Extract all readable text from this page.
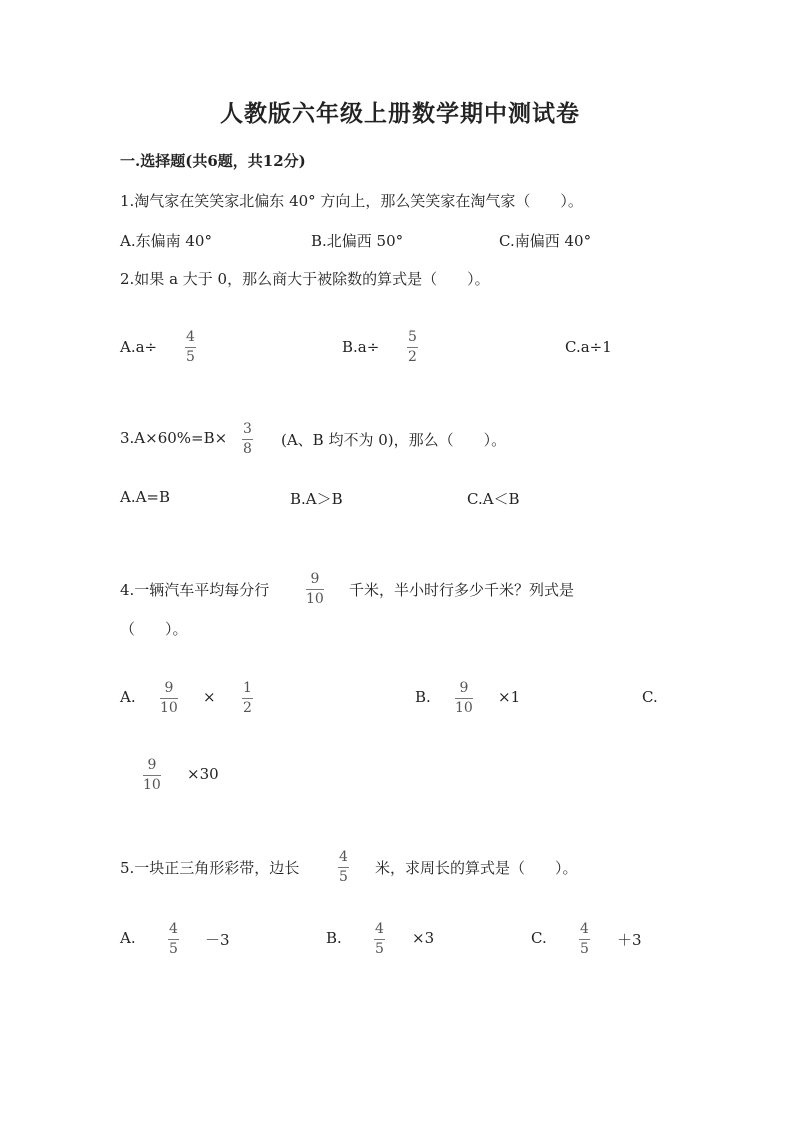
人教版六年级上册数学期中测试卷
一.选择题(共6题，共12分)
1.淘气家在笑笑家北偏东 40° 方向上，那么笑笑家在淘气家（　　）。
A.东偏南 40°	B.北偏西 50°	C.南偏西 40°
2.如果 a 大于 0，那么商大于被除数的算式是（　　）。
A.a÷
4
5
B.a÷
5
2
C.a÷1
3.A×60%=B× 3
8 (A、B 均不为 0)，那么（　　）。
A.A=B	B.A＞B	C.A＜B
4.一辆汽车平均每分行
9
10 千米，半小时行多少千米？列式是
（　　）。
A. 9
10
× 1
2
B. 9
10
×1	C.
9
10
×30
5.一块正三角形彩带，边长
4
5 米，求周长的算式是（　　）。
A. 4
5 －3	B. 4
5
×3	C. 4
5 ＋3
